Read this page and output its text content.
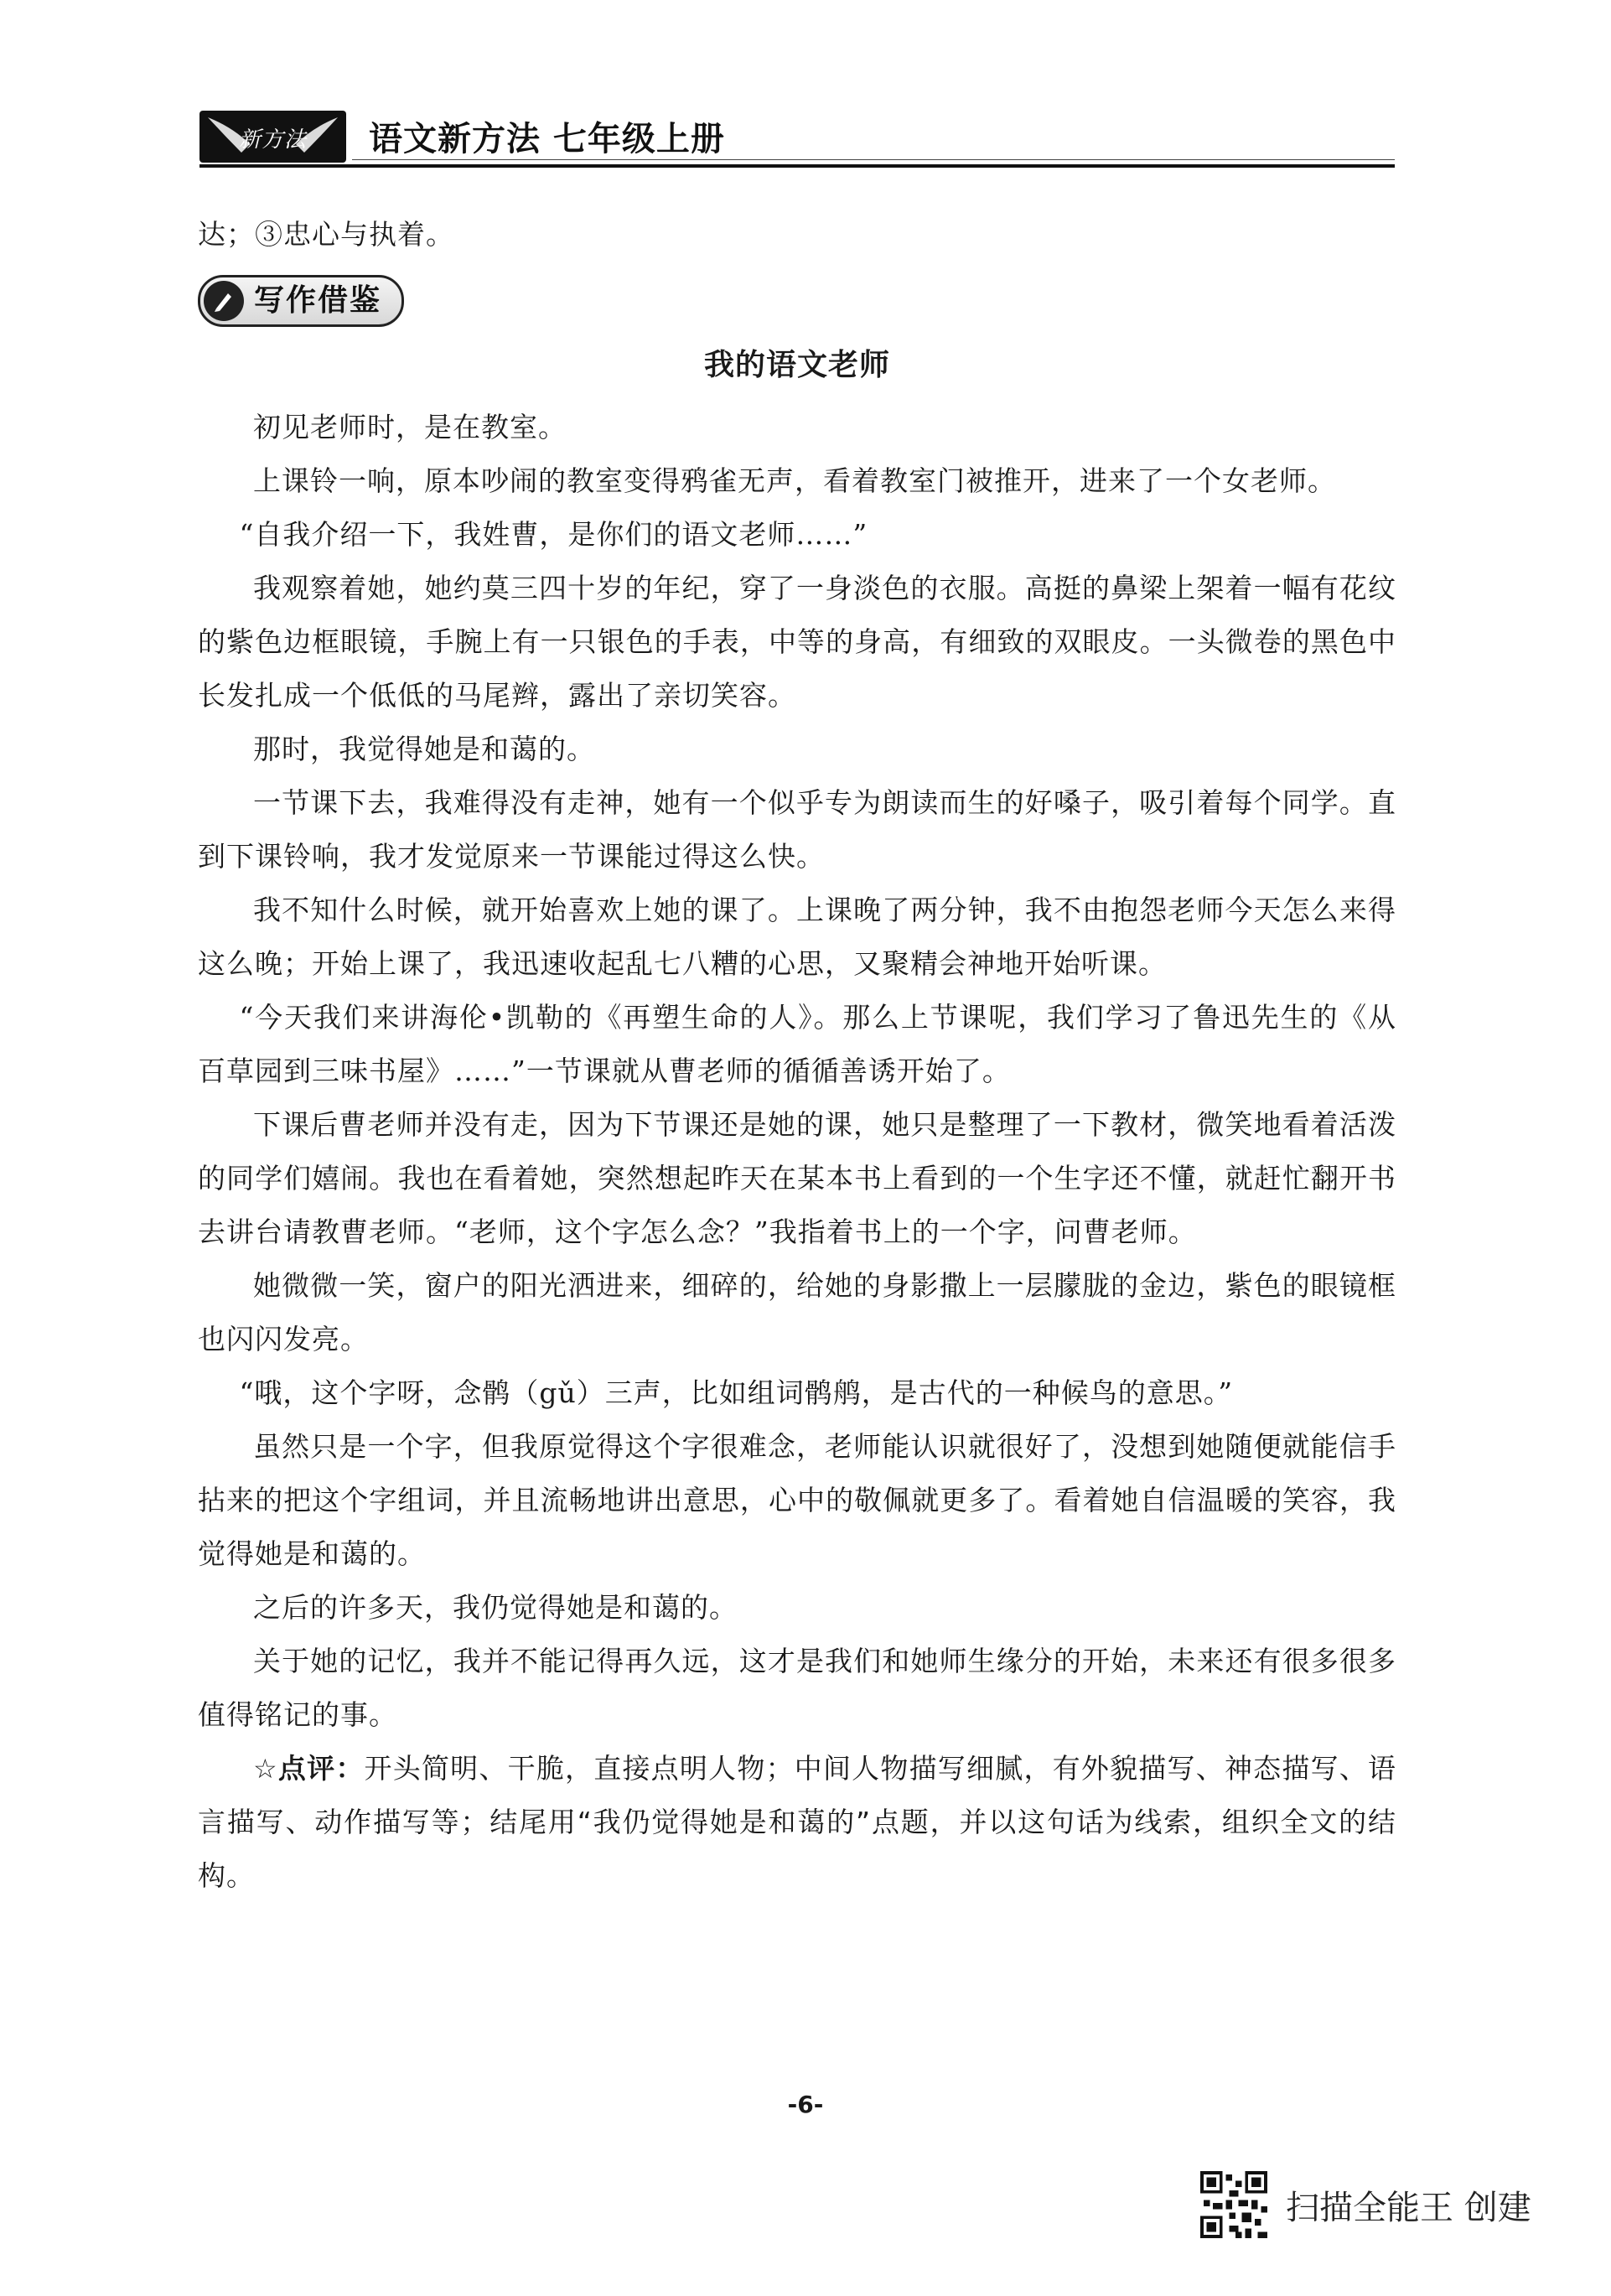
新方法	语文新方法 七年级上册

达；③忠心与执着。

写作借鉴
我的语文老师

初见老师时，是在教室。

上课铃一响，原本吵闹的教室变得鸦雀无声，看着教室门被推开，进来了一个女老师。

“自我介绍一下，我姓曹，是你们的语文老师……”

我观察着她，她约莫三四十岁的年纪，穿了一身淡色的衣服。高挺的鼻梁上架着一幅有花纹的紫色边框眼镜，手腕上有一只银色的手表，中等的身高，有细致的双眼皮。一头微卷的黑色中长发扎成一个低低的马尾辫，露出了亲切笑容。

那时，我觉得她是和蔼的。

一节课下去，我难得没有走神，她有一个似乎专为朗读而生的好嗓子，吸引着每个同学。直到下课铃响，我才发觉原来一节课能过得这么快。

我不知什么时候，就开始喜欢上她的课了。上课晚了两分钟，我不由抱怨老师今天怎么来得这么晚；开始上课了，我迅速收起乱七八糟的心思，又聚精会神地开始听课。

“今天我们来讲海伦•凯勒的《再塑生命的人》。那么上节课呢，我们学习了鲁迅先生的《从百草园到三味书屋》……”一节课就从曹老师的循循善诱开始了。

下课后曹老师并没有走，因为下节课还是她的课，她只是整理了一下教材，微笑地看着活泼的同学们嬉闹。我也在看着她，突然想起昨天在某本书上看到的一个生字还不懂，就赶忙翻开书去讲台请教曹老师。“老师，这个字怎么念？”我指着书上的一个字，问曹老师。

她微微一笑，窗户的阳光洒进来，细碎的，给她的身影撒上一层朦胧的金边，紫色的眼镜框也闪闪发亮。

“哦，这个字呀，念鹘（gǔ）三声，比如组词鹘鸼，是古代的一种候鸟的意思。”

虽然只是一个字，但我原觉得这个字很难念，老师能认识就很好了，没想到她随便就能信手拈来的把这个字组词，并且流畅地讲出意思，心中的敬佩就更多了。看着她自信温暖的笑容，我觉得她是和蔼的。

之后的许多天，我仍觉得她是和蔼的。

关于她的记忆，我并不能记得再久远，这才是我们和她师生缘分的开始，未来还有很多很多值得铭记的事。

☆点评：开头简明、干脆，直接点明人物；中间人物描写细腻，有外貌描写、神态描写、语言描写、动作描写等；结尾用“我仍觉得她是和蔼的”点题，并以这句话为线索，组织全文的结构。

-6-
扫描全能王 创建
